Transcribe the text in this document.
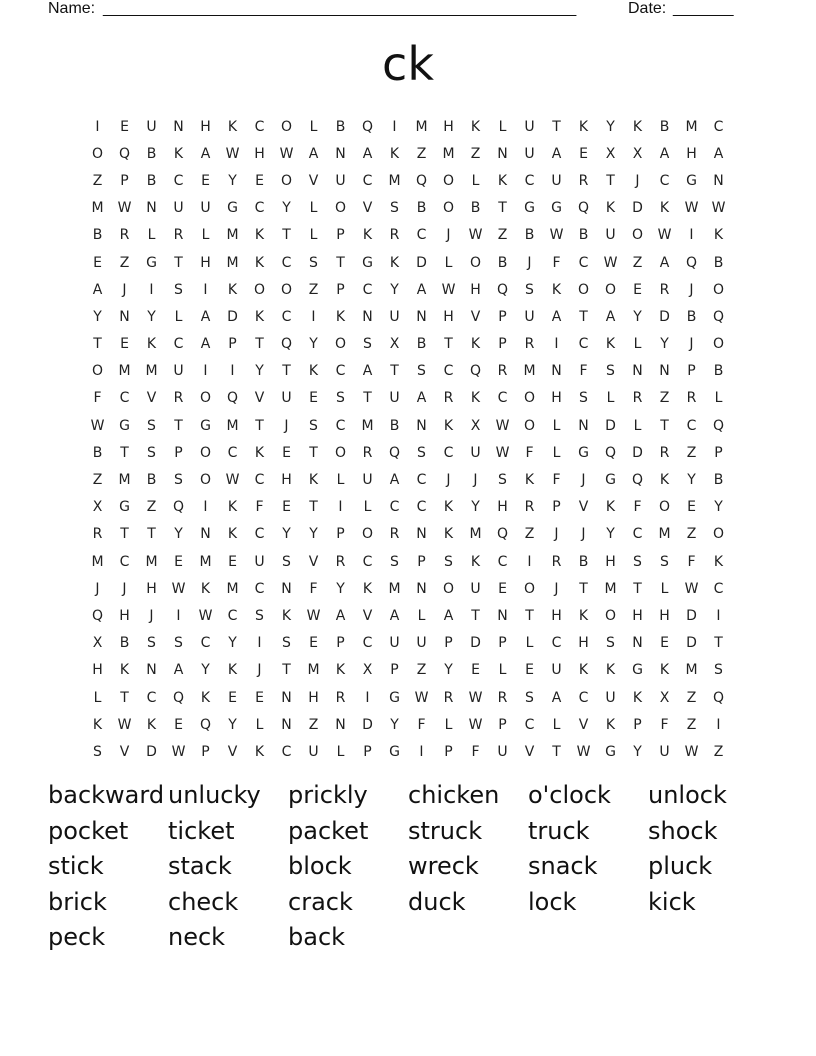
Name: _______________________________________________________	Date: _______
ck
I	E	U	N	H	K	C	O	L	B	Q	I	M	H	K	L	U	T	K	Y	K	B	M	C
O	Q	B	K	A	W	H	W	A	N	A	K	Z	M	Z	N	U	A	E	X	X	A	H	A
Z	P	B	C	E	Y	E	O	V	U	C	M	Q	O	L	K	C	U	R	T	J	C	G	N
M	W	N	U	U	G	C	Y	L	O	V	S	B	O	B	T	G	G	Q	K	D	K	W W
B	R	L	R	L	M	K	T	L	P	K	R	C	J	W	Z	B	W	B	U	O	W	I	K
E	Z	G	T	H	M	K	C	S	T	G	K	D	L	O	B	J	F	C	W	Z	A	Q	B
A	J	I	S	I	K	O	O	Z	P	C	Y	A	W	H	Q	S	K	O	O	E	R	J	O
Y	N	Y	L	A	D	K	C	I	K	N	U	N	H	V	P	U	A	T	A	Y	D	B	Q
T	E	K	C	A	P	T	Q	Y	O	S	X	B	T	K	P	R	I	C	K	L	Y	J	O
O	M	M	U	I	I	Y	T	K	C	A	T	S	C	Q	R	M	N	F	S	N	N	P	B
F	C	V	R	O	Q	V	U	E	S	T	U	A	R	K	C	O	H	S	L	R	Z	R	L
W	G	S	T	G	M	T	J	S	C	M	B	N	K	X	W	O	L	N	D	L	T	C	Q
B	T	S	P	O	C	K	E	T	O	R	Q	S	C	U	W	F	L	G	Q	D	R	Z	P
Z	M	B	S	O	W	C	H	K	L	U	A	C	J	J	S	K	F	J	G	Q	K	Y	B
X	G	Z	Q	I	K	F	E	T	I	L	C	C	K	Y	H	R	P	V	K	F	O	E	Y
R	T	T	Y	N	K	C	Y	Y	P	O	R	N	K	M	Q	Z	J	J	Y	C	M	Z	O
M	C	M	E	M	E	U	S	V	R	C	S	P	S	K	C	I	R	B	H	S	S	F	K
J	J	H	W	K	M	C	N	F	Y	K	M	N	O	U	E	O	J	T	M	T	L	W	C
Q	H	J	I	W	C	S	K	W	A	V	A	L	A	T	N	T	H	K	O	H	H	D	I
X	B	S	S	C	Y	I	S	E	P	C	U	U	P	D	P	L	C	H	S	N	E	D	T
H	K	N	A	Y	K	J	T	M	K	X	P	Z	Y	E	L	E	U	K	K	G	K	M	S
L	T	C	Q	K	E	E	N	H	R	I	G	W	R	W	R	S	A	C	U	K	X	Z	Q
K	W	K	E	Q	Y	L	N	Z	N	D	Y	F	L	W	P	C	L	V	K	P	F	Z	I
S	V	D	W	P	V	K	C	U	L	P	G	I	P	F	U	V	T	W	G	Y	U	W	Z
backward unlucky	prickly	chicken	o'clock	unlock
pocket	ticket	packet	struck	truck	shock
stick	stack	block	wreck	snack	pluck
brick	check	crack	duck	lock	kick
peck	neck	back
